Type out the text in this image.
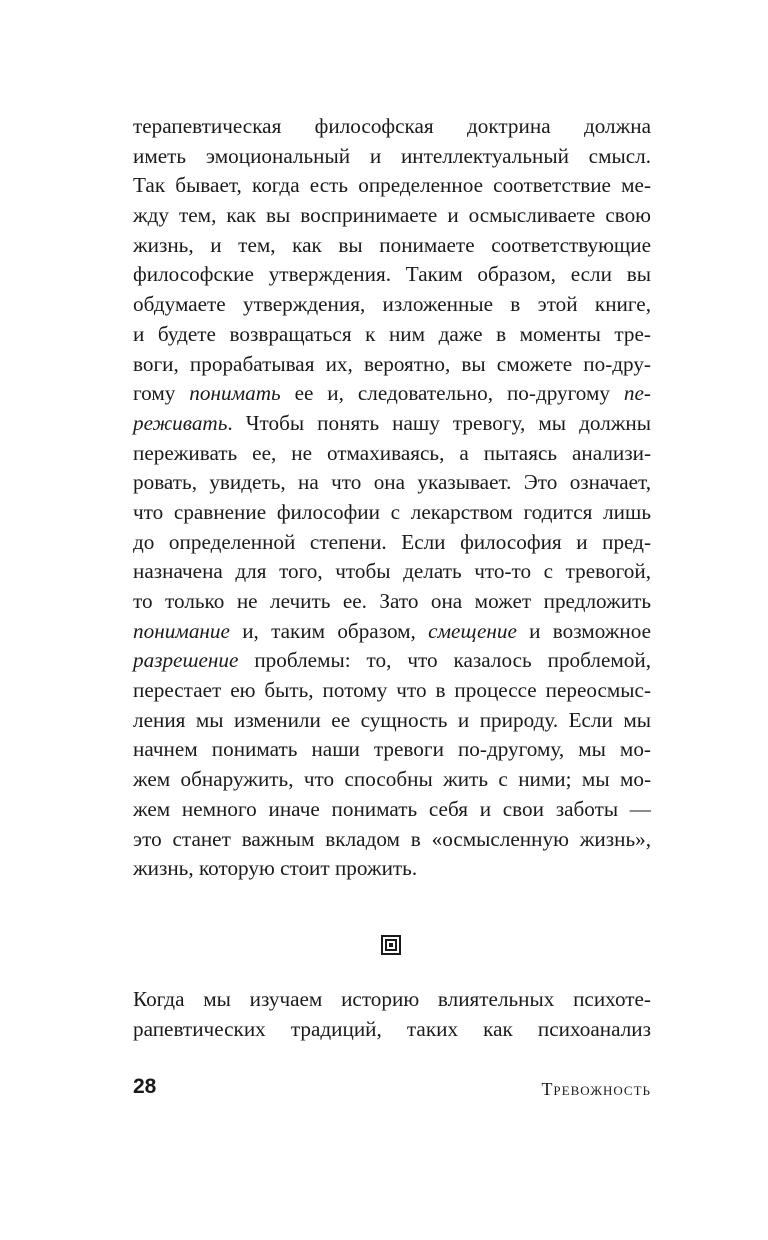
терапевтическая философская доктрина должна
иметь эмоциональный и интеллектуальный смысл.
Так бывает, когда есть определенное соответствие ме-
жду тем, как вы воспринимаете и осмысливаете свою
жизнь, и тем, как вы понимаете соответствующие
философские утверждения. Таким образом, если вы
обдумаете утверждения, изложенные в этой книге,
и будете возвращаться к ним даже в моменты тре-
воги, прорабатывая их, вероятно, вы сможете по-дру-
гому понимать ее и, следовательно, по-другому пе-
реживать. Чтобы понять нашу тревогу, мы должны
переживать ее, не отмахиваясь, а пытаясь анализи-
ровать, увидеть, на что она указывает. Это означает,
что сравнение философии с лекарством годится лишь
до определенной степени. Если философия и пред-
назначена для того, чтобы делать что-то с тревогой,
то только не лечить ее. Зато она может предложить
понимание и, таким образом, смещение и возможное
разрешение проблемы: то, что казалось проблемой,
перестает ею быть, потому что в процессе переосмыс-
ления мы изменили ее сущность и природу. Если мы
начнем понимать наши тревоги по-другому, мы мо-
жем обнаружить, что способны жить с ними; мы мо-
жем немного иначе понимать себя и свои заботы —
это станет важным вкладом в «осмысленную жизнь»,
жизнь, которую стоит прожить.
Когда мы изучаем историю влиятельных психоте-
рапевтических традиций, таких как психоанализ
28	Тревожность
